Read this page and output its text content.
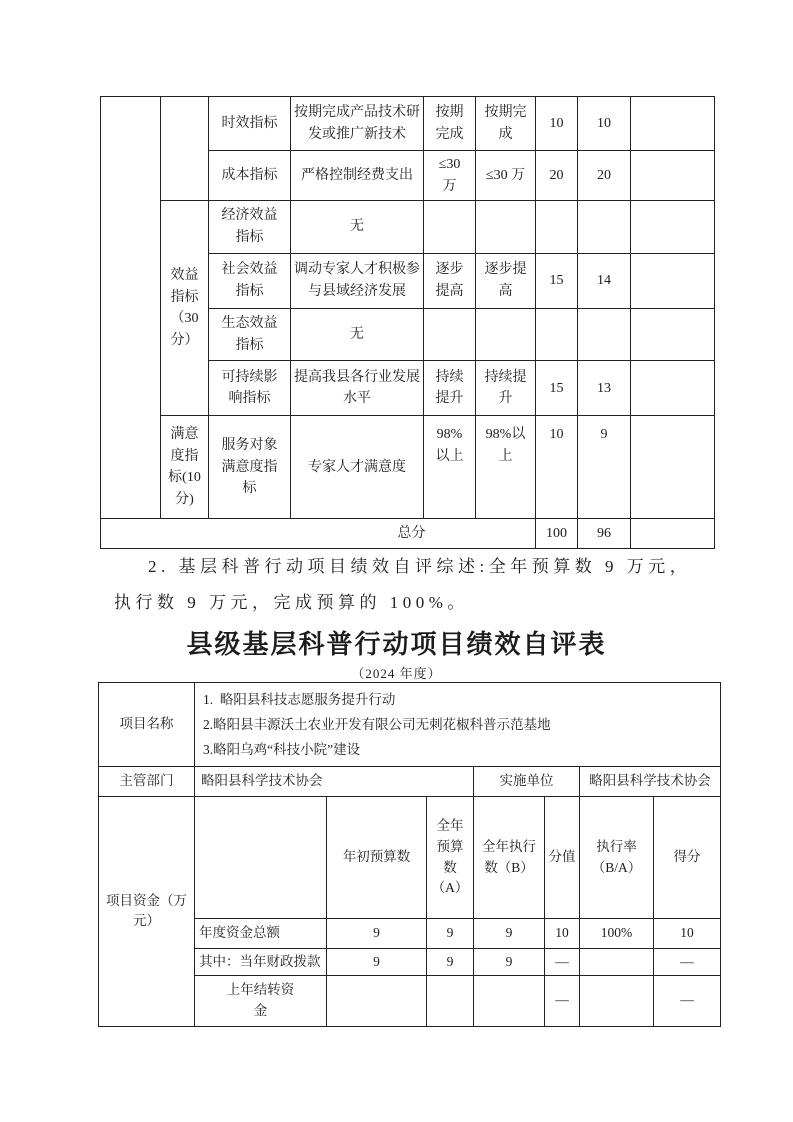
		时效指标	按期完成产品技术研发或推广新技术	按期完成	按期完成	10	10	
		成本指标	严格控制经费支出	≤30 万	≤30 万	20	20	
	效益指标（30分）	经济效益指标	无					
		社会效益指标	调动专家人才积极参与县域经济发展	逐步提高	逐步提高	15	14	
		生态效益指标	无					
		可持续影响指标	提高我县各行业发展水平	持续提升	持续提升	15	13	
	满意度指标(10分)	服务对象满意度指标	专家人才满意度	98%以上	98%以上	10	9	
总分						100	96	
2. 基层科普行动项目绩效自评综述:全年预算数 9 万元，
执行数 9 万元，完成预算的 100%。
县级基层科普行动项目绩效自评表
（2024 年度）
项目名称	1.  略阳县科技志愿服务提升行动
2.略阳县丰源沃土农业开发有限公司无刺花椒科普示范基地
3.略阳乌鸡“科技小院”建设						

主管部门	略阳县科学技术协会			实施单位		略阳县科学技术协会	
项目资金（万元）		年初预算数	全年预算数（A）	全年执行数（B）	分值	执行率（B/A）	得分
	年度资金总额	9	9	9	10	100%	10
	其中：当年财政拨款	9	9	9	—		—
	上年结转资金				—		—
